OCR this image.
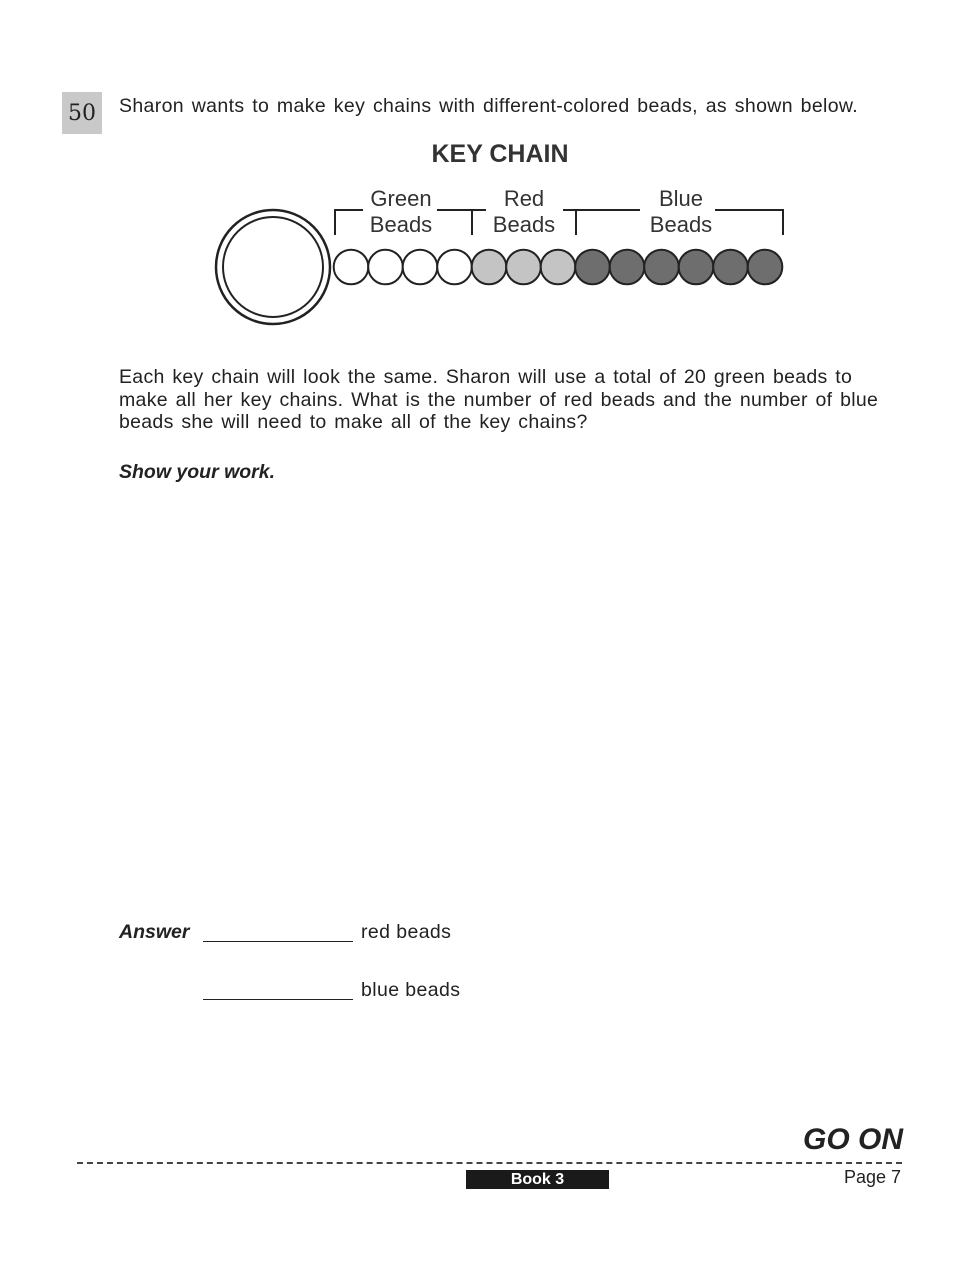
50	Sharon wants to make key chains with different-colored beads, as shown below.
KEY CHAIN
Green
Beads
Red
Beads
Blue
Beads
Each key chain will look the same. Sharon will use a total of 20 green beads to make all her key chains. What is the number of red beads and the number of blue beads she will need to make all of the key chains?
Show your work.
Answer	red beads
blue beads
GO ON
Book 3	Page 7
